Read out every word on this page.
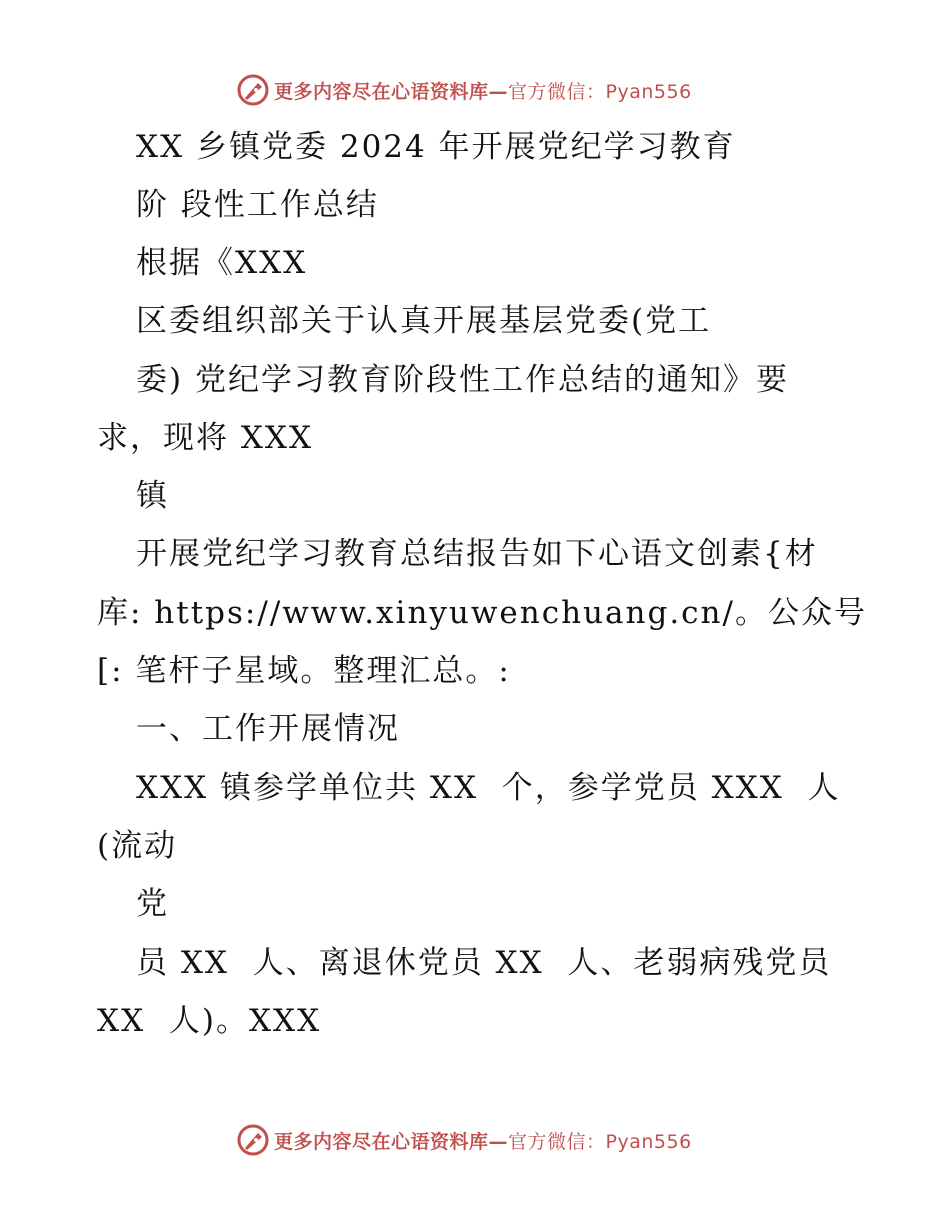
更多内容尽在心语资料库—官方微信：Pyan556
XX 乡镇党委 2024 年开展党纪学习教育
阶 段性工作总结
根据《XXX
区委组织部关于认真开展基层党委(党工
委) 党纪学习教育阶段性工作总结的通知》要
求，现将 XXX
镇
开展党纪学习教育总结报告如下心语文创素{材
库: https://www.xinyuwenchuang.cn/。公众号
[: 笔杆子星域。整理汇总。:
一、工作开展情况
XXX 镇参学单位共 XX  个，参学党员 XXX  人
(流动
党
员 XX  人、离退休党员 XX  人、老弱病残党员
XX  人)。XXX
更多内容尽在心语资料库—官方微信：Pyan556
